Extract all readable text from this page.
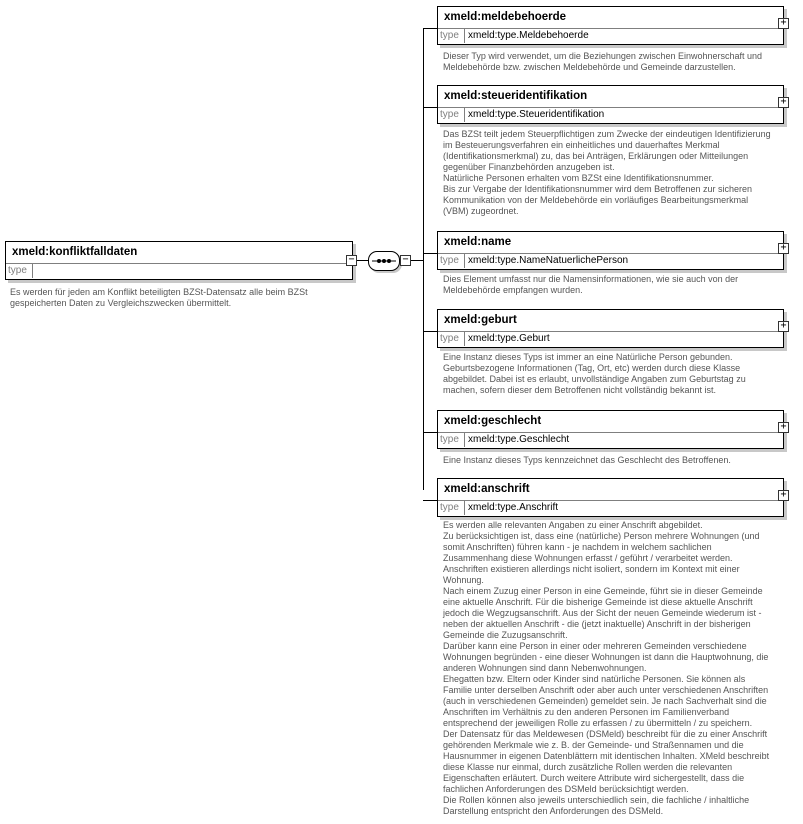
xmeld:konfliktfalldaten
type
−
Es werden für jeden am Konflikt beteiligten BZSt-Datensatz alle beim BZSt
gespeicherten Daten zu Vergleichszwecken übermittelt.
−
xmeld:meldebehoerde
type xmeld:type.Meldebehoerde
+
Dieser Typ wird verwendet, um die Beziehungen zwischen Einwohnerschaft und
Meldebehörde bzw. zwischen Meldebehörde und Gemeinde darzustellen.
xmeld:steueridentifikation
type xmeld:type.Steueridentifikation
+
Das BZSt teilt jedem Steuerpflichtigen zum Zwecke der eindeutigen Identifizierung
im Besteuerungsverfahren ein einheitliches und dauerhaftes Merkmal
(Identifikationsmerkmal) zu, das bei Anträgen, Erklärungen oder Mitteilungen
gegenüber Finanzbehörden anzugeben ist.
Natürliche Personen erhalten vom BZSt eine Identifikationsnummer.
Bis zur Vergabe der Identifikationsnummer wird dem Betroffenen zur sicheren
Kommunikation von der Meldebehörde ein vorläufiges Bearbeitungsmerkmal
(VBM) zugeordnet.
xmeld:name
type xmeld:type.NameNatuerlichePerson
+
Dies Element umfasst nur die Namensinformationen, wie sie auch von der
Meldebehörde empfangen wurden.
xmeld:geburt
type xmeld:type.Geburt
+
Eine Instanz dieses Typs ist immer an eine Natürliche Person gebunden.
Geburtsbezogene Informationen (Tag, Ort, etc) werden durch diese Klasse
abgebildet. Dabei ist es erlaubt, unvollständige Angaben zum Geburtstag zu
machen, sofern dieser dem Betroffenen nicht vollständig bekannt ist.
xmeld:geschlecht
type xmeld:type.Geschlecht
+
Eine Instanz dieses Typs kennzeichnet das Geschlecht des Betroffenen.
xmeld:anschrift
type xmeld:type.Anschrift
+
Es werden alle relevanten Angaben zu einer Anschrift abgebildet.
Zu berücksichtigen ist, dass eine (natürliche) Person mehrere Wohnungen (und
somit Anschriften) führen kann - je nachdem in welchem sachlichen
Zusammenhang diese Wohnungen erfasst / geführt / verarbeitet werden.
Anschriften existieren allerdings nicht isoliert, sondern im Kontext mit einer
Wohnung.
Nach einem Zuzug einer Person in eine Gemeinde, führt sie in dieser Gemeinde
eine aktuelle Anschrift. Für die bisherige Gemeinde ist diese aktuelle Anschrift
jedoch die Wegzugsanschrift. Aus der Sicht der neuen Gemeinde wiederum ist -
neben der aktuellen Anschrift - die (jetzt inaktuelle) Anschrift in der bisherigen
Gemeinde die Zuzugsanschrift.
Darüber kann eine Person in einer oder mehreren Gemeinden verschiedene
Wohnungen begründen - eine dieser Wohnungen ist dann die Hauptwohnung, die
anderen Wohnungen sind dann Nebenwohnungen.
Ehegatten bzw. Eltern oder Kinder sind natürliche Personen. Sie können als
Familie unter derselben Anschrift oder aber auch unter verschiedenen Anschriften
(auch in verschiedenen Gemeinden) gemeldet sein. Je nach Sachverhalt sind die
Anschriften im Verhältnis zu den anderen Personen im Familienverband
entsprechend der jeweiligen Rolle zu erfassen / zu übermitteln / zu speichern.
Der Datensatz für das Meldewesen (DSMeld) beschreibt für die zu einer Anschrift
gehörenden Merkmale wie z. B. der Gemeinde- und Straßennamen und die
Hausnummer in eigenen Datenblättern mit identischen Inhalten. XMeld beschreibt
diese Klasse nur einmal, durch zusätzliche Rollen werden die relevanten
Eigenschaften erläutert. Durch weitere Attribute wird sichergestellt, dass die
fachlichen Anforderungen des DSMeld berücksichtigt werden.
Die Rollen können also jeweils unterschiedlich sein, die fachliche / inhaltliche
Darstellung entspricht den Anforderungen des DSMeld.
